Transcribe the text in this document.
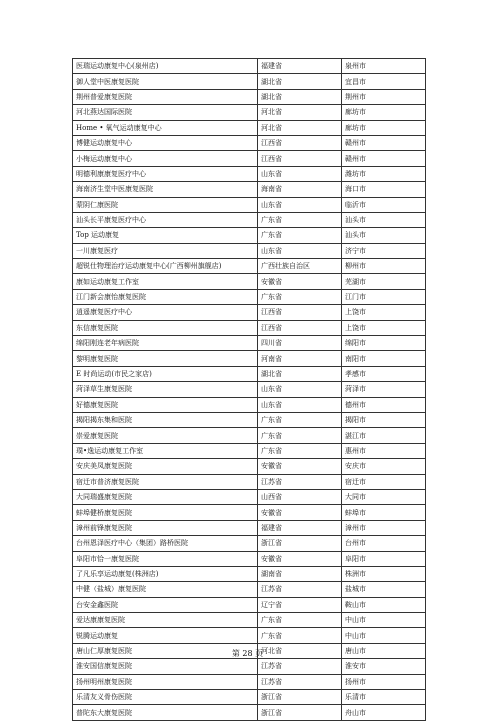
医瑞运动康复中心(泉州店)	福建省	泉州市
御人堂中医康复医院	湖北省	宜昌市
荆州普爱康复医院	湖北省	荆州市
河北燕达国际医院	河北省	廊坊市
Home • 氧气运动康复中心	河北省	廊坊市
博健运动康复中心	江西省	赣州市
小梅运动康复中心	江西省	赣州市
明德利康康复医疗中心	山东省	潍坊市
海南济生堂中医康复医院	海南省	海口市
蒙阴仁康医院	山东省	临沂市
汕头长平康复医疗中心	广东省	汕头市
Top 运动康复	广东省	汕头市
一川康复医疗	山东省	济宁市
超锐仕物理治疗运动康复中心(广西柳州旗舰店)	广西壮族自治区	柳州市
康如运动康复工作室	安徽省	芜湖市
江门新会康怡康复医院	广东省	江门市
逍遥康复医疗中心	江西省	上饶市
东信康复医院	江西省	上饶市
绵阳刚连老年病医院	四川省	绵阳市
黎明康复医院	河南省	南阳市
E 时尚运动(市民之家店)	湖北省	孝感市
菏泽草生康复医院	山东省	菏泽市
好德康复医院	山东省	德州市
揭阳揭东集和医院	广东省	揭阳市
崇爱康复医院	广东省	湛江市
璞•逸运动康复工作室	广东省	惠州市
安庆美凤康复医院	安徽省	安庆市
宿迁市普济康复医院	江苏省	宿迁市
大同瑞盛康复医院	山西省	大同市
蚌埠健桥康复医院	安徽省	蚌埠市
漳州前锋康复医院	福建省	漳州市
台州恩泽医疗中心（集团）路桥医院	浙江省	台州市
阜阳市恰一康复医院	安徽省	阜阳市
了凡乐享运动康复(株洲店)	湖南省	株洲市
中健（盐城）康复医院	江苏省	盐城市
台安金鑫医院	辽宁省	鞍山市
爱达康康复医院	广东省	中山市
锐腾运动康复	广东省	中山市
唐山仁厚康复医院	河北省	唐山市
淮安国信康复医院	江苏省	淮安市
扬州明州康复医院	江苏省	扬州市
乐清友义骨伤医院	浙江省	乐清市
普陀东大康复医院	浙江省	舟山市
第 28 页
